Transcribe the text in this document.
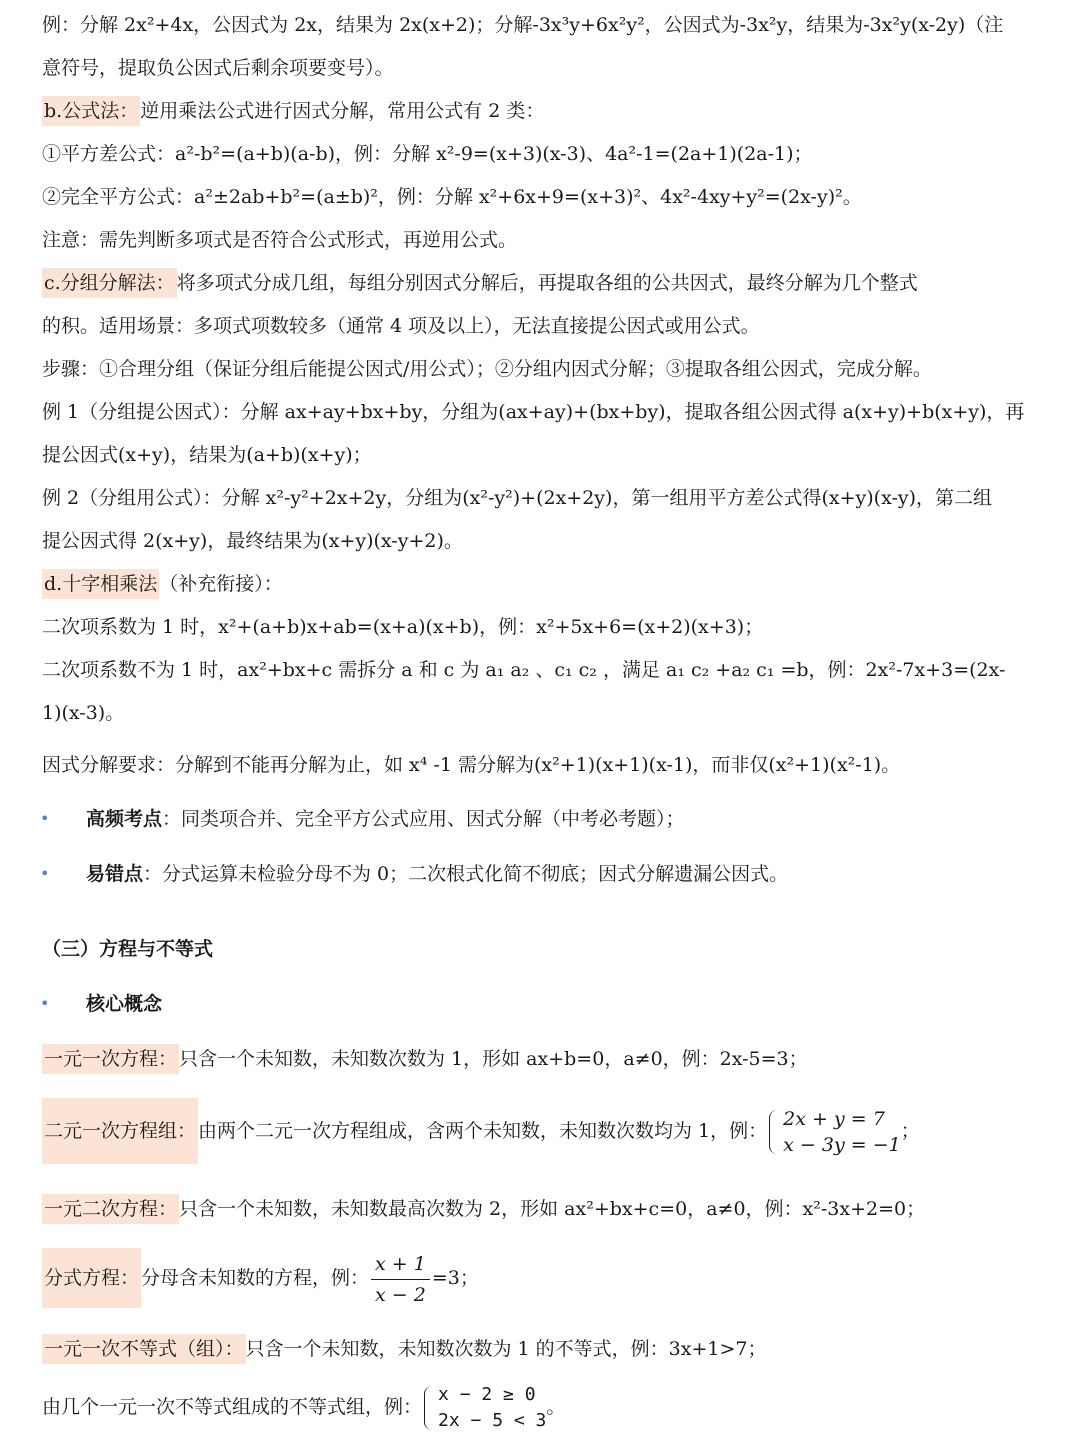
例：分解 2x²+4x，公因式为 2x，结果为 2x(x+2)；分解-3x³y+6x²y²，公因式为-3x²y，结果为-3x²y(x-2y)（注
意符号，提取负公因式后剩余项要变号）。
b.公式法： 逆用乘法公式进行因式分解，常用公式有 2 类：
①平方差公式：a²-b²=(a+b)(a-b)，例：分解 x²-9=(x+3)(x-3)、4a²-1=(2a+1)(2a-1)；
②完全平方公式：a²±2ab+b²=(a±b)²，例：分解 x²+6x+9=(x+3)²、4x²-4xy+y²=(2x-y)²。
注意：需先判断多项式是否符合公式形式，再逆用公式。
c.分组分解法： 将多项式分成几组，每组分别因式分解后，再提取各组的公共因式，最终分解为几个整式
的积。适用场景：多项式项数较多（通常 4 项及以上），无法直接提公因式或用公式。
步骤：①合理分组（保证分组后能提公因式/用公式）；②分组内因式分解；③提取各组公因式，完成分解。
例 1（分组提公因式）：分解 ax+ay+bx+by，分组为(ax+ay)+(bx+by)，提取各组公因式得 a(x+y)+b(x+y)，再
提公因式(x+y)，结果为(a+b)(x+y)；
例 2（分组用公式）：分解 x²-y²+2x+2y，分组为(x²-y²)+(2x+2y)，第一组用平方差公式得(x+y)(x-y)，第二组
提公因式得 2(x+y)，最终结果为(x+y)(x-y+2)。
d.十字相乘法 （补充衔接）：
二次项系数为 1 时，x²+(a+b)x+ab=(x+a)(x+b)，例：x²+5x+6=(x+2)(x+3)；
二次项系数不为 1 时，ax²+bx+c 需拆分 a 和 c 为 a₁ a₂ 、c₁ c₂ ，满足 a₁ c₂ +a₂ c₁ =b，例：2x²-7x+3=(2x-
1)(x-3)。
因式分解要求：分解到不能再分解为止，如 x⁴ -1 需分解为(x²+1)(x+1)(x-1)，而非仅(x²+1)(x²-1)。
• 高频考点：同类项合并、完全平方公式应用、因式分解（中考必考题）；
• 易错点：分式运算未检验分母不为 0；二次根式化简不彻底；因式分解遗漏公因式。
（三）方程与不等式
• 核心概念
一元一次方程： 只含一个未知数，未知数次数为 1，形如 ax+b=0，a≠0，例：2x-5=3；
二元一次方程组： 由两个二元一次方程组成，含两个未知数，未知数次数均为 1，例：
2x + y = 7
x − 3y = −1
；
一元二次方程： 只含一个未知数，未知数最高次数为 2，形如 ax²+bx+c=0，a≠0，例：x²-3x+2=0；
分式方程： 分母含未知数的方程，例： $\frac{x + 1}{x - 2} =3$；
一元一次不等式（组）： 只含一个未知数，未知数次数为 1 的不等式，例：3x+1>7；
由几个一元一次不等式组成的不等式组，例：
x − 2 ≥ 0
2x − 5 < 3
。
